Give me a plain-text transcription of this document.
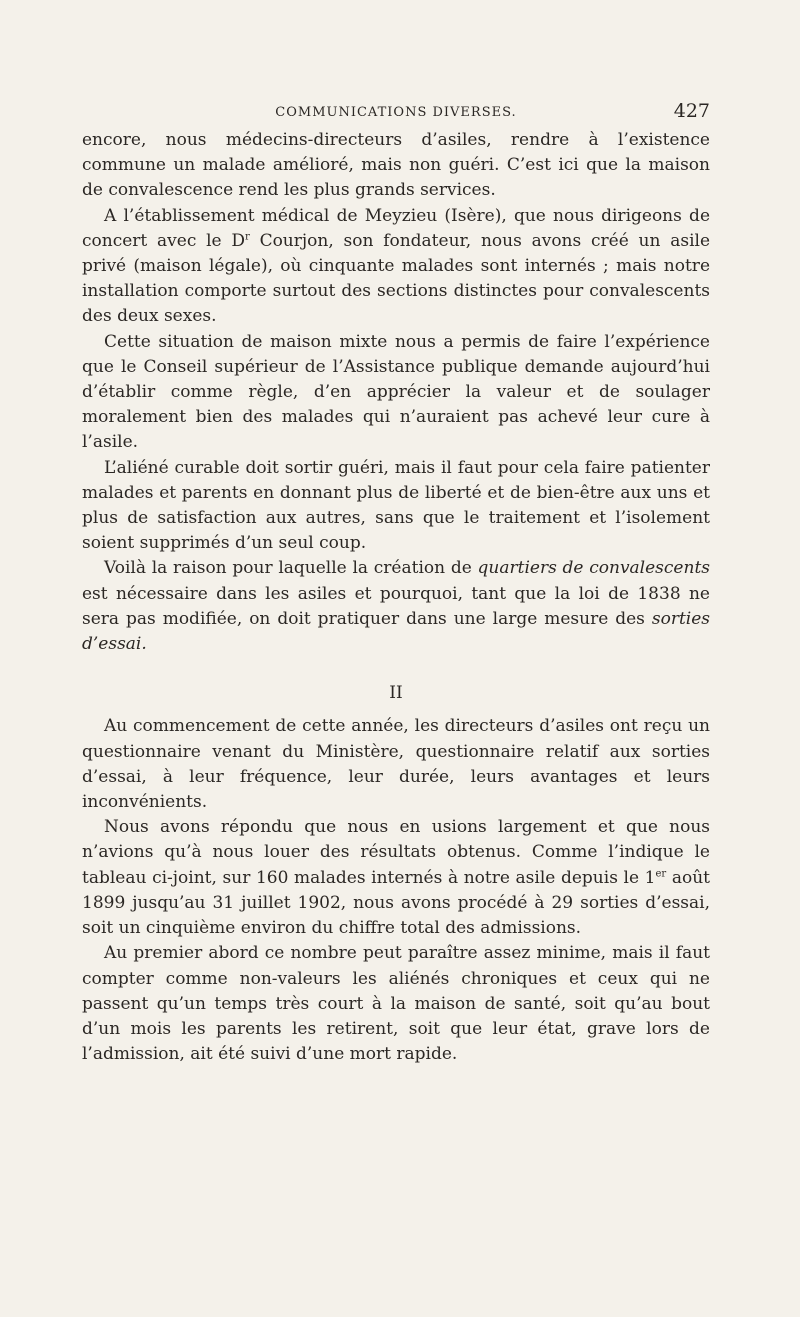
COMMUNICATIONS DIVERSES.	427

encore, nous médecins-directeurs d’asiles, rendre à l’existence commune un malade amélioré, mais non guéri. C’est ici que la maison de convalescence rend les plus grands services.

A l’établissement médical de Meyzieu (Isère), que nous dirigeons de concert avec le $D^r$ Courjon, son fondateur, nous avons créé un asile privé (maison légale), où cinquante malades sont internés ; mais notre installation comporte surtout des sections distinctes pour convalescents des deux sexes.

Cette situation de maison mixte nous a permis de faire l’expérience que le Conseil supérieur de l’Assistance publique demande aujourd’hui d’établir comme règle, d’en apprécier la valeur et de soulager moralement bien des malades qui n’auraient pas achevé leur cure à l’asile.

L’aliéné curable doit sortir guéri, mais il faut pour cela faire patienter malades et parents en donnant plus de liberté et de bien-être aux uns et plus de satisfaction aux autres, sans que le traitement et l’isolement soient supprimés d’un seul coup.

Voilà la raison pour laquelle la création de quartiers de convalescents est nécessaire dans les asiles et pourquoi, tant que la loi de 1838 ne sera pas modifiée, on doit pratiquer dans une large mesure des sorties d’essai.

II

Au commencement de cette année, les directeurs d’asiles ont reçu un questionnaire venant du Ministère, questionnaire relatif aux sorties d’essai, à leur fréquence, leur durée, leurs avantages et leurs inconvénients.

Nous avons répondu que nous en usions largement et que nous n’avions qu’à nous louer des résultats obtenus. Comme l’indique le tableau ci-joint, sur 160 malades internés à notre asile depuis le 1er août 1899 jusqu’au 31 juillet 1902, nous avons procédé à 29 sorties d’essai, soit un cinquième environ du chiffre total des admissions.

Au premier abord ce nombre peut paraître assez minime, mais il faut compter comme non-valeurs les aliénés chroniques et ceux qui ne passent qu’un temps très court à la maison de santé, soit qu’au bout d’un mois les parents les retirent, soit que leur état, grave lors de l’admission, ait été suivi d’une mort rapide.
